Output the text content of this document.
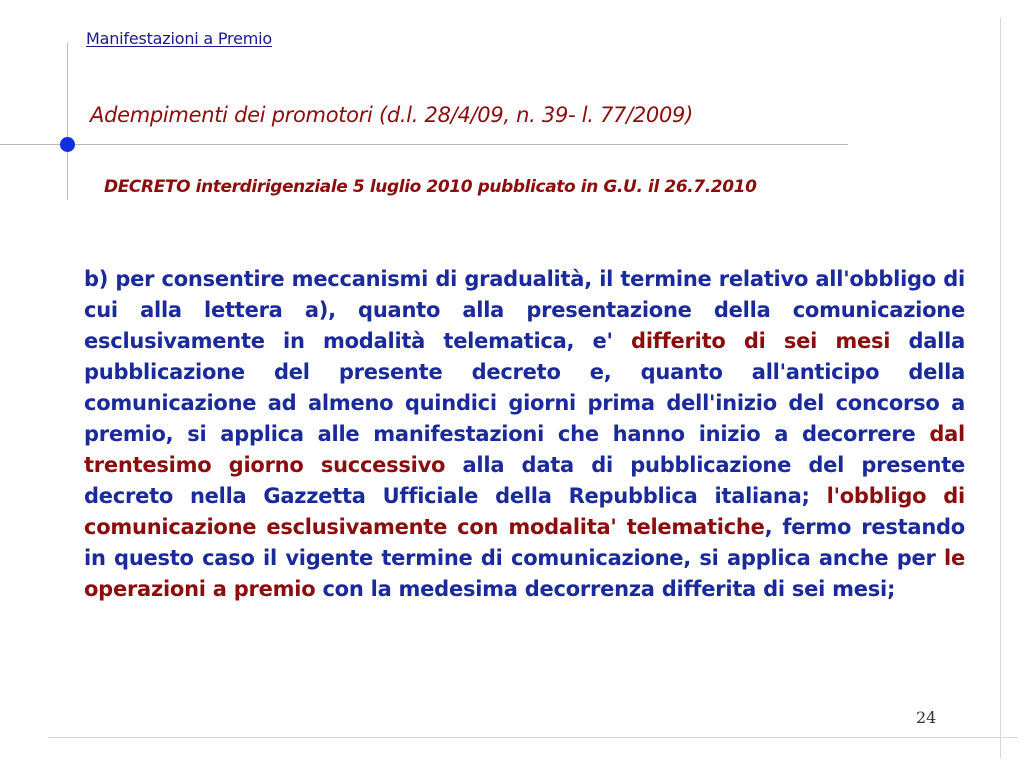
Manifestazioni a Premio
Adempimenti dei promotori (d.l. 28/4/09, n. 39- l. 77/2009)
DECRETO interdirigenziale 5 luglio 2010 pubblicato in G.U. il 26.7.2010

b) per consentire meccanismi di gradualità, il termine relativo all'obbligo di cui alla lettera a), quanto alla presentazione della comunicazione esclusivamente in modalità telematica, e' differito di sei mesi dalla pubblicazione del presente decreto e, quanto all'anticipo della comunicazione ad almeno quindici giorni prima dell'inizio del concorso a premio, si applica alle manifestazioni che hanno inizio a decorrere dal trentesimo giorno successivo alla data di pubblicazione del presente decreto nella Gazzetta Ufficiale della Repubblica italiana; l'obbligo di comunicazione esclusivamente con modalita' telematiche, fermo restando in questo caso il vigente termine di comunicazione, si applica anche per le operazioni a premio con la medesima decorrenza differita di sei mesi;

24
